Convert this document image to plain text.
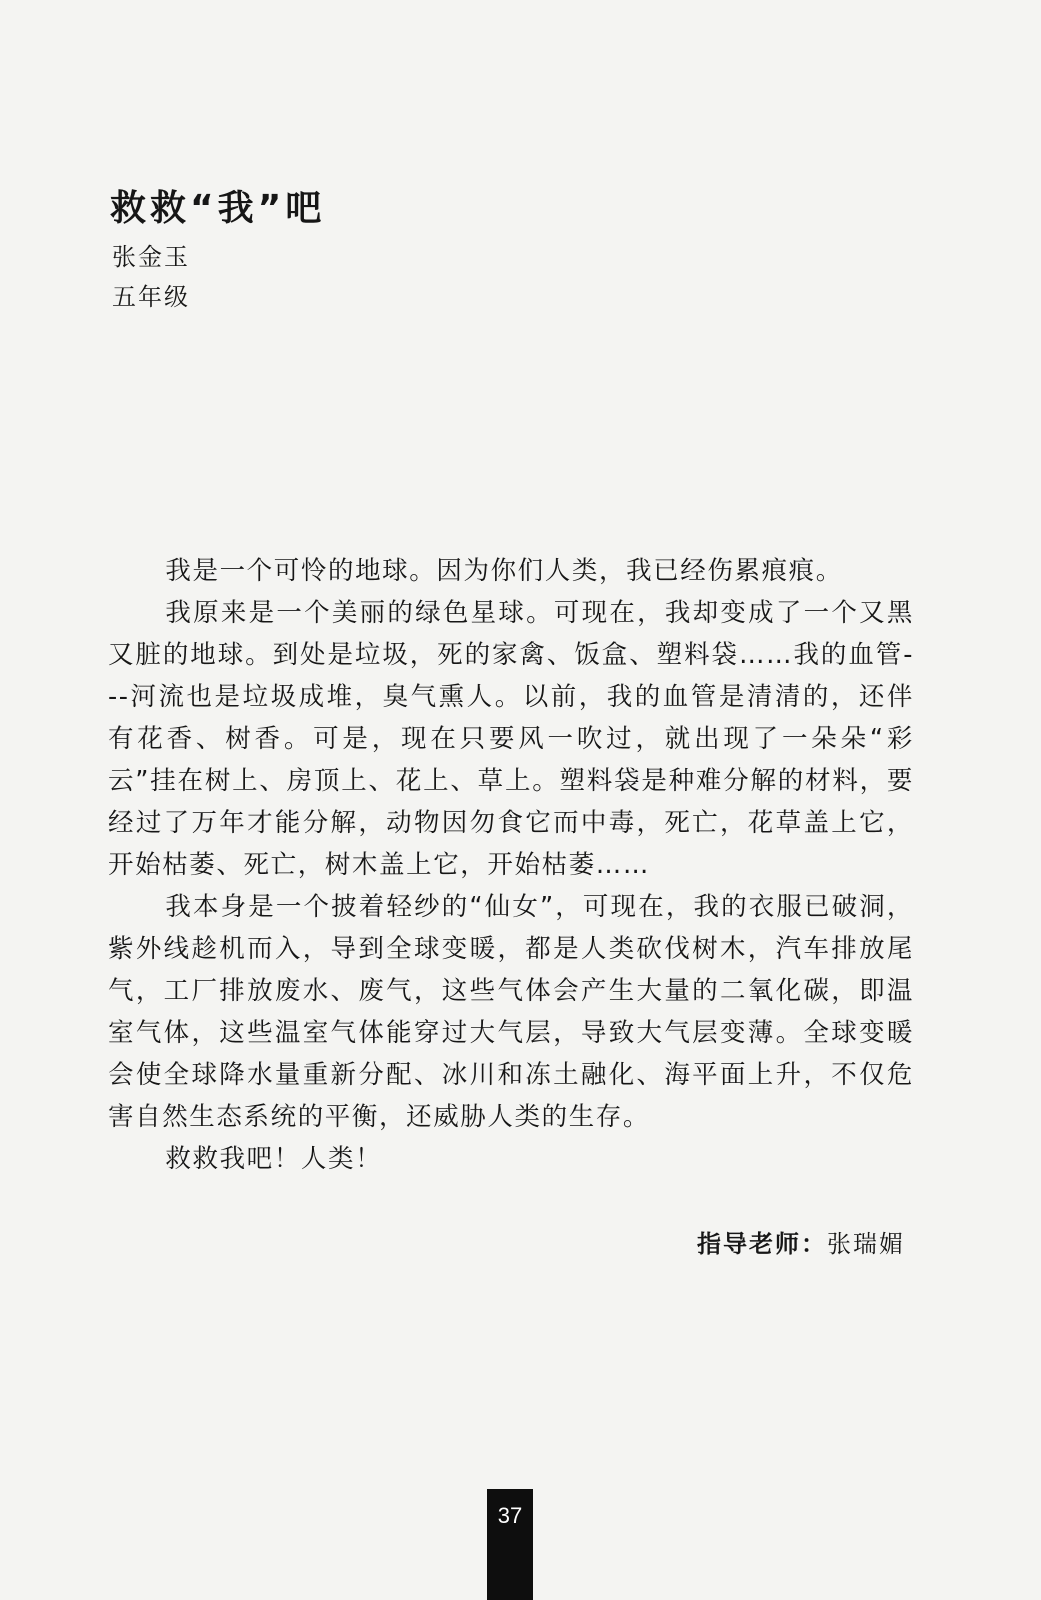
救救“我”吧
张金玉
五年级

我是一个可怜的地球。因为你们人类，我已经伤累痕痕。

我原来是一个美丽的绿色星球。可现在，我却变成了一个又黑又脏的地球。到处是垃圾，死的家禽、饭盒、塑料袋……我的血管---河流也是垃圾成堆，臭气熏人。以前，我的血管是清清的，还伴有花香、树香。可是，现在只要风一吹过，就出现了一朵朵“彩云”挂在树上、房顶上、花上、草上。塑料袋是种难分解的材料，要经过了万年才能分解，动物因勿食它而中毒，死亡，花草盖上它，开始枯萎、死亡，树木盖上它，开始枯萎……

我本身是一个披着轻纱的“仙女”，可现在，我的衣服已破洞，紫外线趁机而入，导到全球变暖，都是人类砍伐树木，汽车排放尾气，工厂排放废水、废气，这些气体会产生大量的二氧化碳，即温室气体，这些温室气体能穿过大气层，导致大气层变薄。全球变暖会使全球降水量重新分配、冰川和冻土融化、海平面上升，不仅危害自然生态系统的平衡，还威胁人类的生存。

救救我吧！人类！

指导老师：张瑞媚
37
